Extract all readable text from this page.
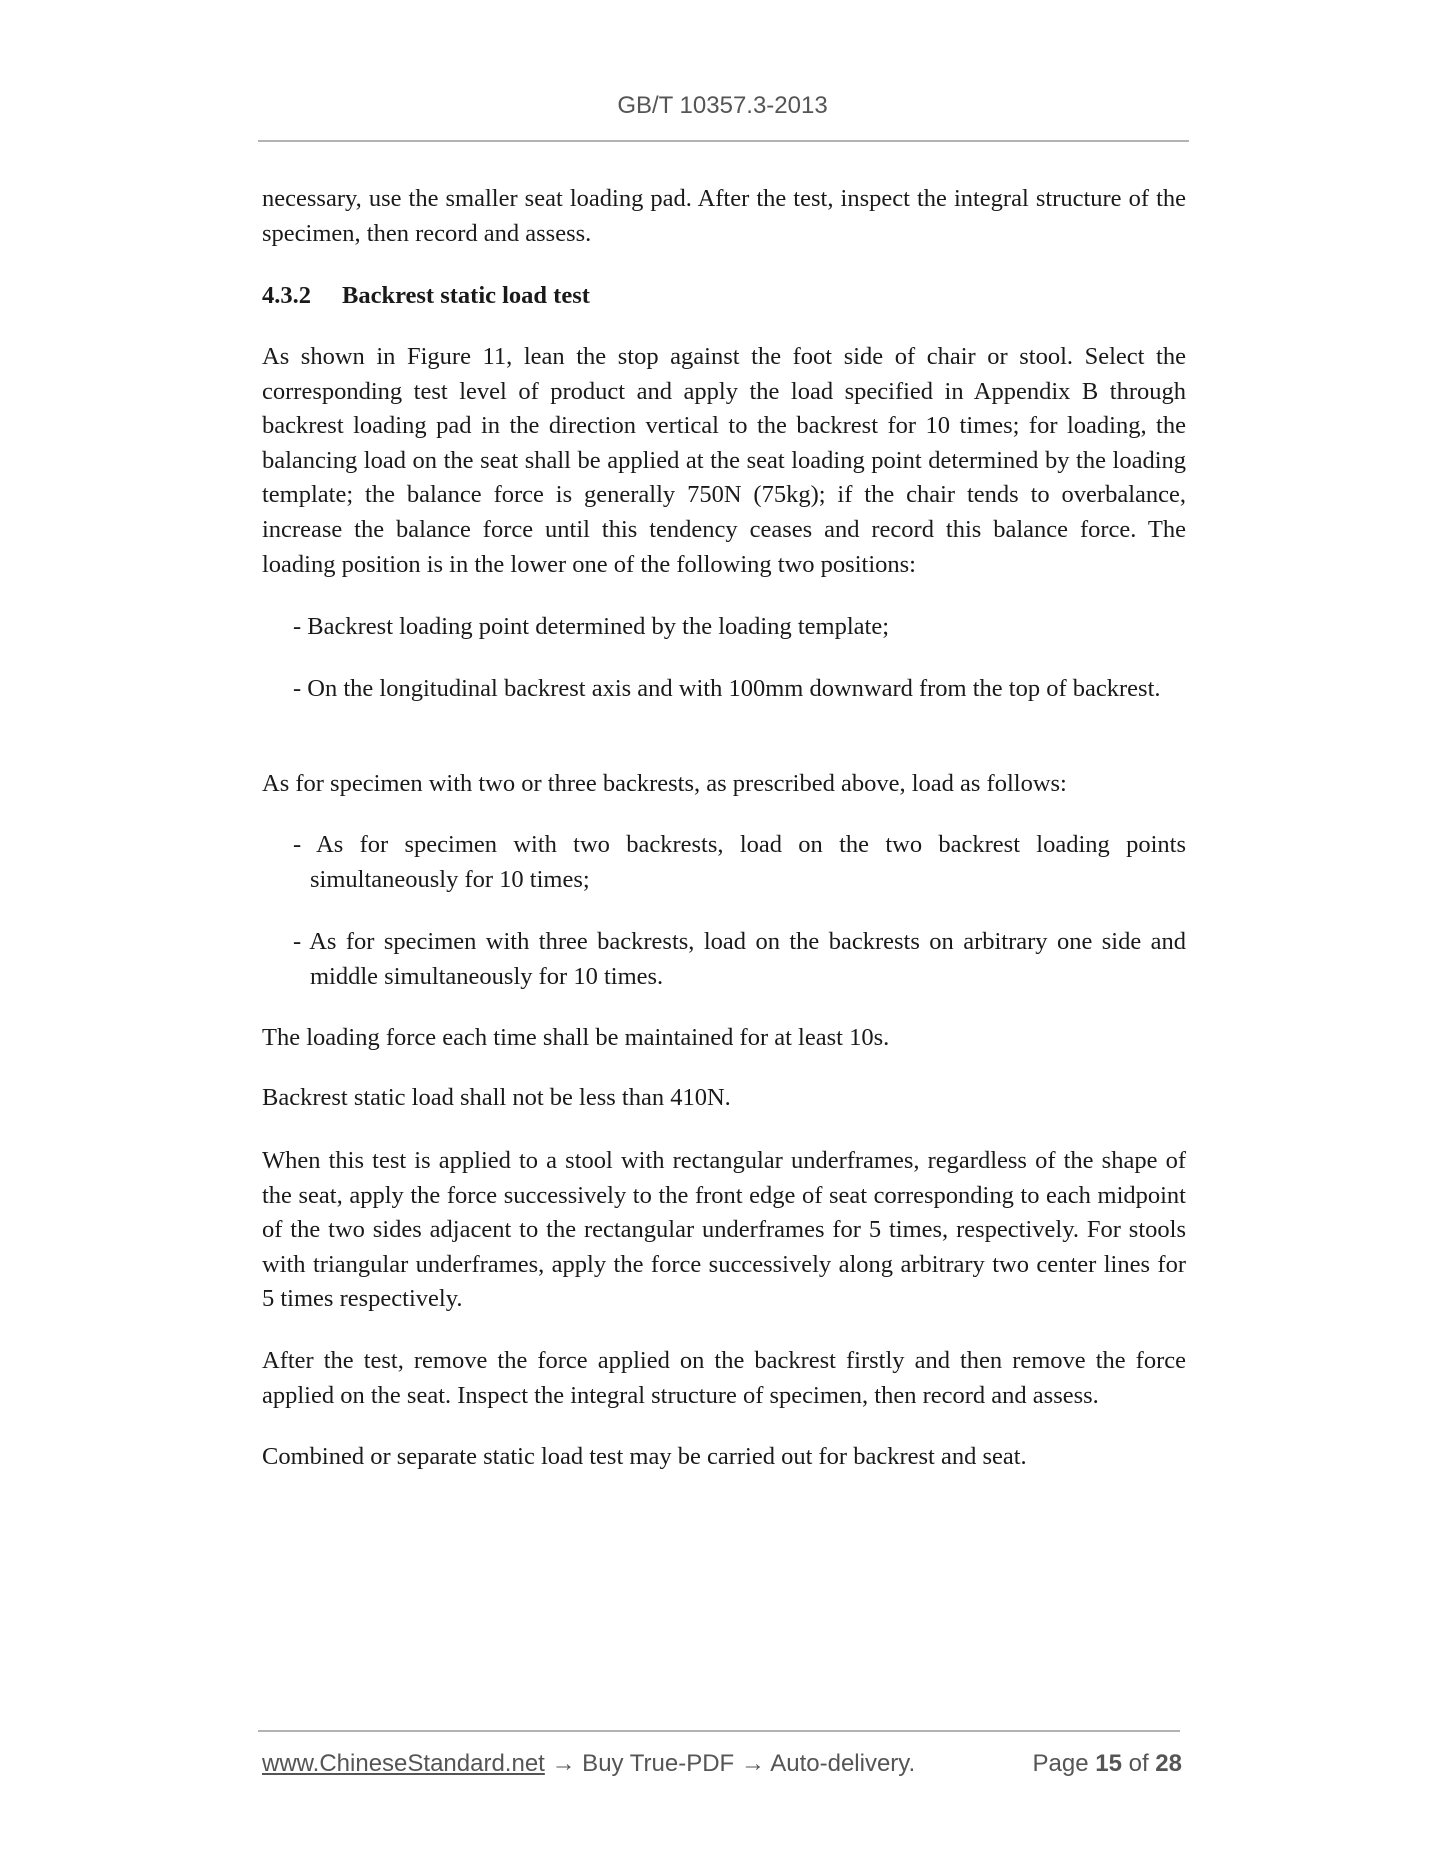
GB/T 10357.3-2013
necessary, use the smaller seat loading pad. After the test, inspect the integral structure of the specimen, then record and assess.
4.3.2 Backrest static load test
As shown in Figure 11, lean the stop against the foot side of chair or stool. Select the corresponding test level of product and apply the load specified in Appendix B through backrest loading pad in the direction vertical to the backrest for 10 times; for loading, the balancing load on the seat shall be applied at the seat loading point determined by the loading template; the balance force is generally 750N (75kg); if the chair tends to overbalance, increase the balance force until this tendency ceases and record this balance force. The loading position is in the lower one of the following two positions:
- Backrest loading point determined by the loading template;
- On the longitudinal backrest axis and with 100mm downward from the top of backrest.
As for specimen with two or three backrests, as prescribed above, load as follows:
- As for specimen with two backrests, load on the two backrest loading points simultaneously for 10 times;
- As for specimen with three backrests, load on the backrests on arbitrary one side and middle simultaneously for 10 times.
The loading force each time shall be maintained for at least 10s.
Backrest static load shall not be less than 410N.
When this test is applied to a stool with rectangular underframes, regardless of the shape of the seat, apply the force successively to the front edge of seat corresponding to each midpoint of the two sides adjacent to the rectangular underframes for 5 times, respectively. For stools with triangular underframes, apply the force successively along arbitrary two center lines for 5 times respectively.
After the test, remove the force applied on the backrest firstly and then remove the force applied on the seat. Inspect the integral structure of specimen, then record and assess.
Combined or separate static load test may be carried out for backrest and seat.
www.ChineseStandard.net → Buy True-PDF → Auto-delivery.	Page 15 of 28
